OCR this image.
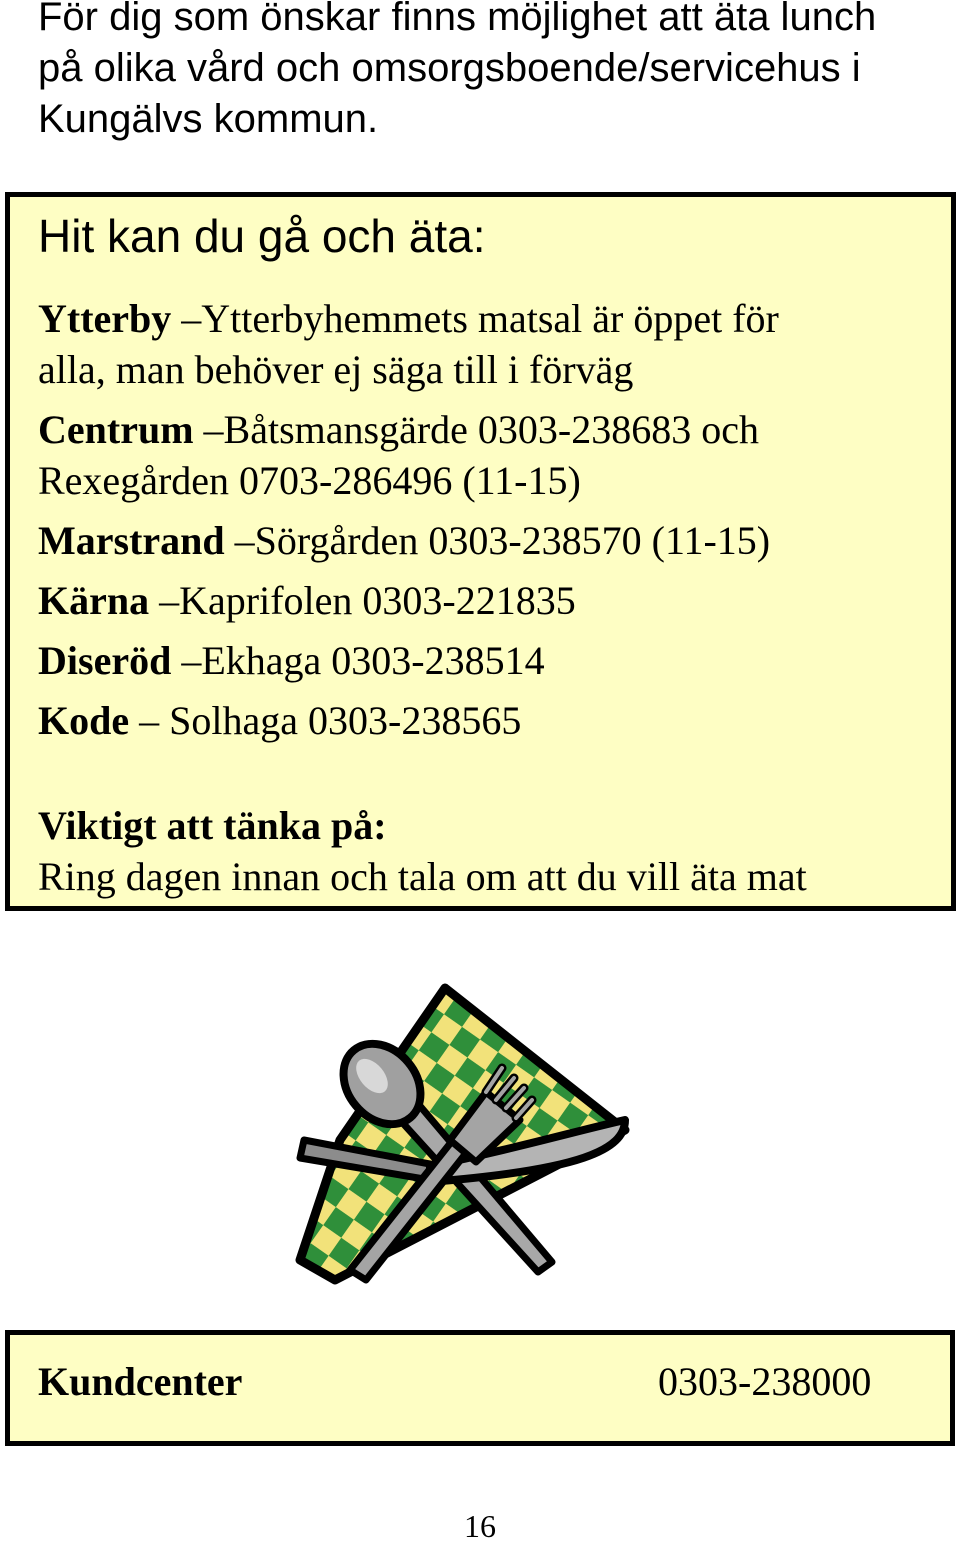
För dig som önskar finns möjlighet att äta lunch
på olika vård och omsorgsboende/servicehus i
Kungälvs kommun.

Hit kan du gå och äta:
Ytterby –Ytterbyhemmets matsal är öppet för
alla, man behöver ej säga till i förväg
Centrum –Båtsmansgärde 0303-238683 och
Rexegården 0703-286496 (11-15)
Marstrand –Sörgården 0303-238570 (11-15)
Kärna –Kaprifolen 0303-221835
Diseröd –Ekhaga 0303-238514
Kode – Solhaga 0303-238565

Viktigt att tänka på:

Ring dagen innan och tala om att du vill äta mat

Kundcenter	0303-238000

16
